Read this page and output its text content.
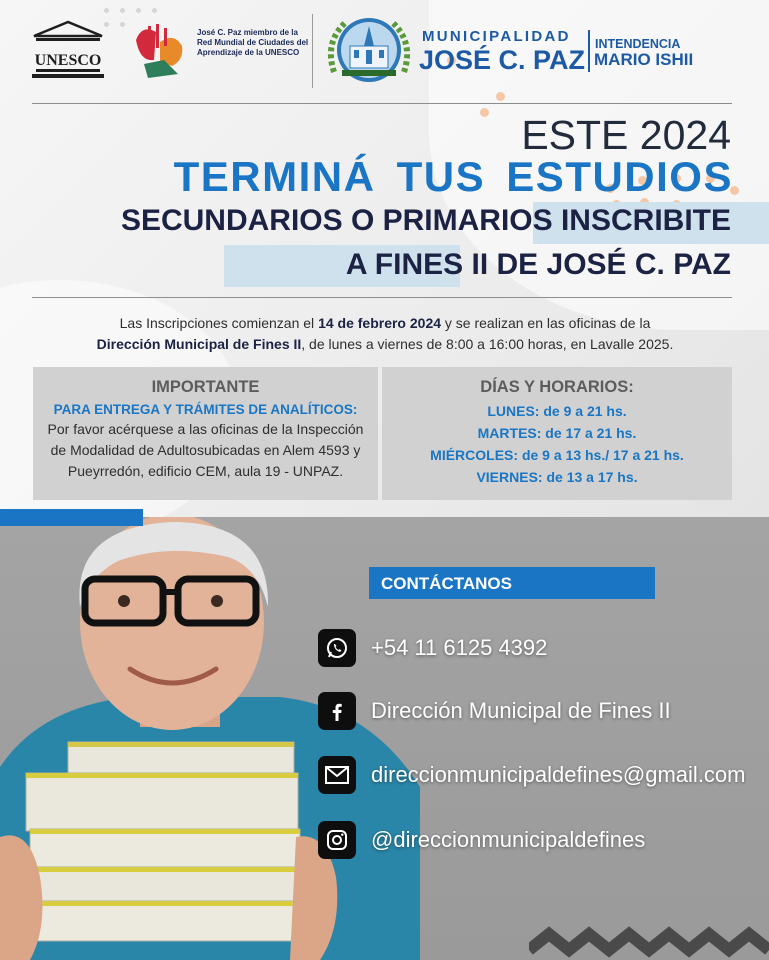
UNESCO
José C. Paz miembro de la Red Mundial de Ciudades del Aprendizaje de la UNESCO
MUNICIPALIDAD
JOSÉ C. PAZ
INTENDENCIA
MARIO ISHII
ESTE 2024
TERMINÁ TUS ESTUDIOS
SECUNDARIOS O PRIMARIOS INSCRIBITE
A FINES II DE JOSÉ C. PAZ
Las Inscripciones comienzan el 14 de febrero 2024 y se realizan en las oficinas de la
Dirección Municipal de Fines II, de lunes a viernes de 8:00 a 16:00 horas, en Lavalle 2025.
IMPORTANTE
PARA ENTREGA Y TRÁMITES DE ANALÍTICOS:
Por favor acérquese a las oficinas de la Inspección
de Modalidad de Adultosubicadas en Alem 4593 y
Pueyrredón, edificio CEM, aula 19 - UNPAZ.
DÍAS Y HORARIOS:
LUNES: de 9 a 21 hs.
MARTES: de 17 a 21 hs.
MIÉRCOLES: de 9 a 13 hs./ 17 a 21 hs.
VIERNES: de 13 a 17 hs.
CONTÁCTANOS
+54 11 6125 4392
Dirección Municipal de Fines II
direccionmunicipaldefines@gmail.com
@direccionmunicipaldefines
